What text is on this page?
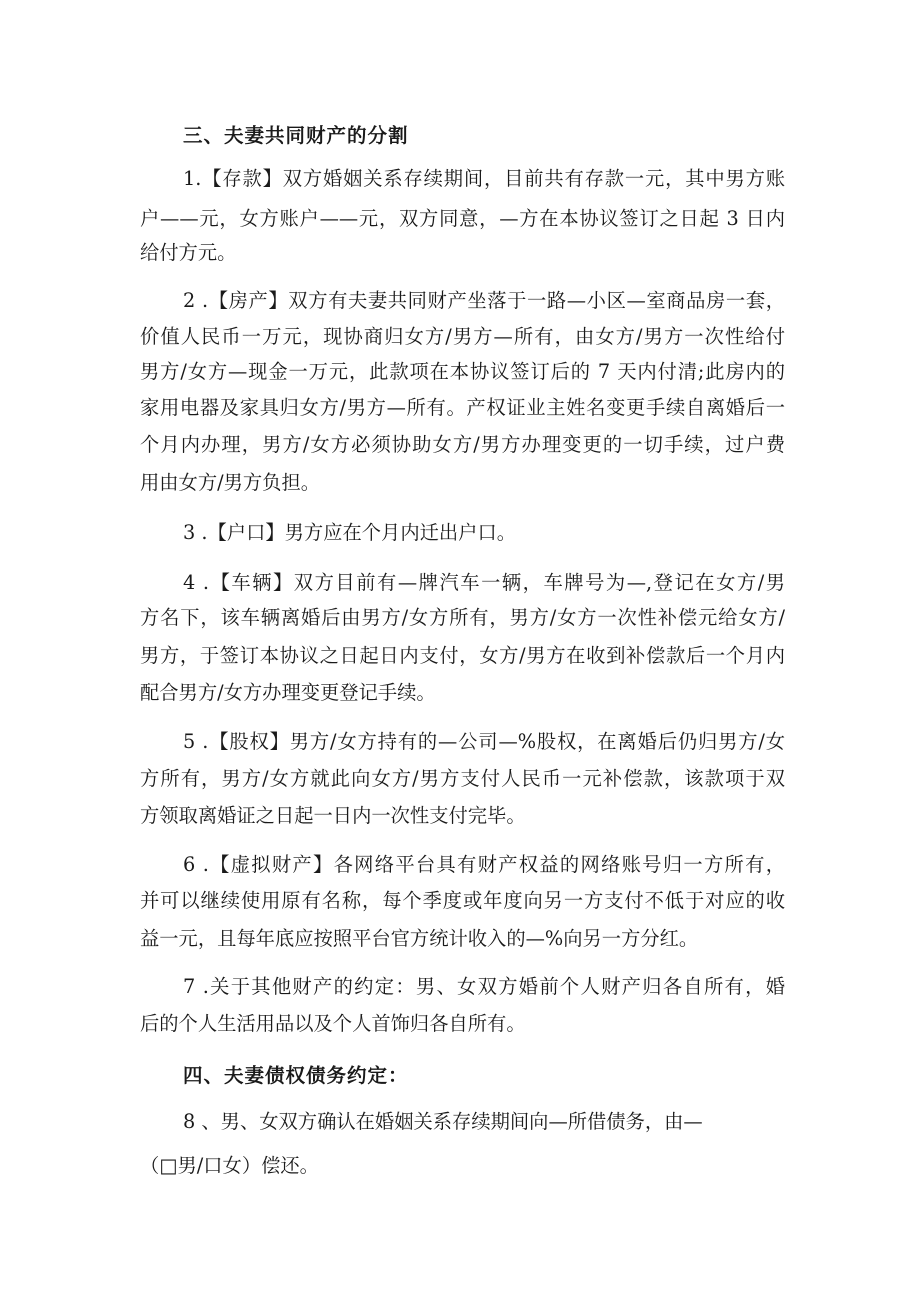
三、夫妻共同财产的分割
1.【存款】双方婚姻关系存续期间，目前共有存款一元，其中男方账
户——元，女方账户——元，双方同意，—方在本协议签订之日起 3 日内
给付方元。
2 .【房产】双方有夫妻共同财产坐落于一路—小区—室商品房一套，
价值人民币一万元，现协商归女方/男方—所有，由女方/男方一次性给付
男方/女方—现金一万元，此款项在本协议签订后的 7 天内付清;此房内的
家用电器及家具归女方/男方—所有。产权证业主姓名变更手续自离婚后一
个月内办理，男方/女方必须协助女方/男方办理变更的一切手续，过户费
用由女方/男方负担。
3 .【户口】男方应在个月内迁出户口。
4 .【车辆】双方目前有—牌汽车一辆，车牌号为—,登记在女方/男
方名下，该车辆离婚后由男方/女方所有，男方/女方一次性补偿元给女方/
男方，于签订本协议之日起日内支付，女方/男方在收到补偿款后一个月内
配合男方/女方办理变更登记手续。
5 .【股权】男方/女方持有的—公司—%股权，在离婚后仍归男方/女
方所有，男方/女方就此向女方/男方支付人民币一元补偿款，该款项于双
方领取离婚证之日起一日内一次性支付完毕。
6 .【虚拟财产】各网络平台具有财产权益的网络账号归一方所有，
并可以继续使用原有名称，每个季度或年度向另一方支付不低于对应的收
益一元，且每年底应按照平台官方统计收入的—%向另一方分红。
7 .关于其他财产的约定：男、女双方婚前个人财产归各自所有，婚
后的个人生活用品以及个人首饰归各自所有。
四、夫妻债权债务约定：
8 、男、女双方确认在婚姻关系存续期间向—所借债务，由—
（□男/口女）偿还。
